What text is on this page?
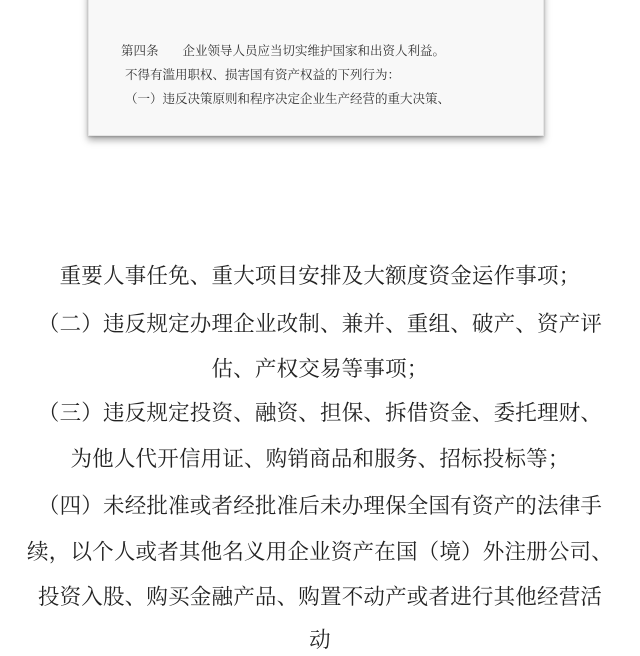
第四条 企业领导人员应当切实维护国家和出资人利益。
不得有滥用职权、损害国有资产权益的下列行为：
（一）违反决策原则和程序决定企业生产经营的重大决策、
重要人事任免、重大项目安排及大额度资金运作事项；
（二）违反规定办理企业改制、兼并、重组、破产、资产评
估、产权交易等事项；
（三）违反规定投资、融资、担保、拆借资金、委托理财、
为他人代开信用证、购销商品和服务、招标投标等；
（四）未经批准或者经批准后未办理保全国有资产的法律手
续，以个人或者其他名义用企业资产在国（境）外注册公司、
投资入股、购买金融产品、购置不动产或者进行其他经营活
动
